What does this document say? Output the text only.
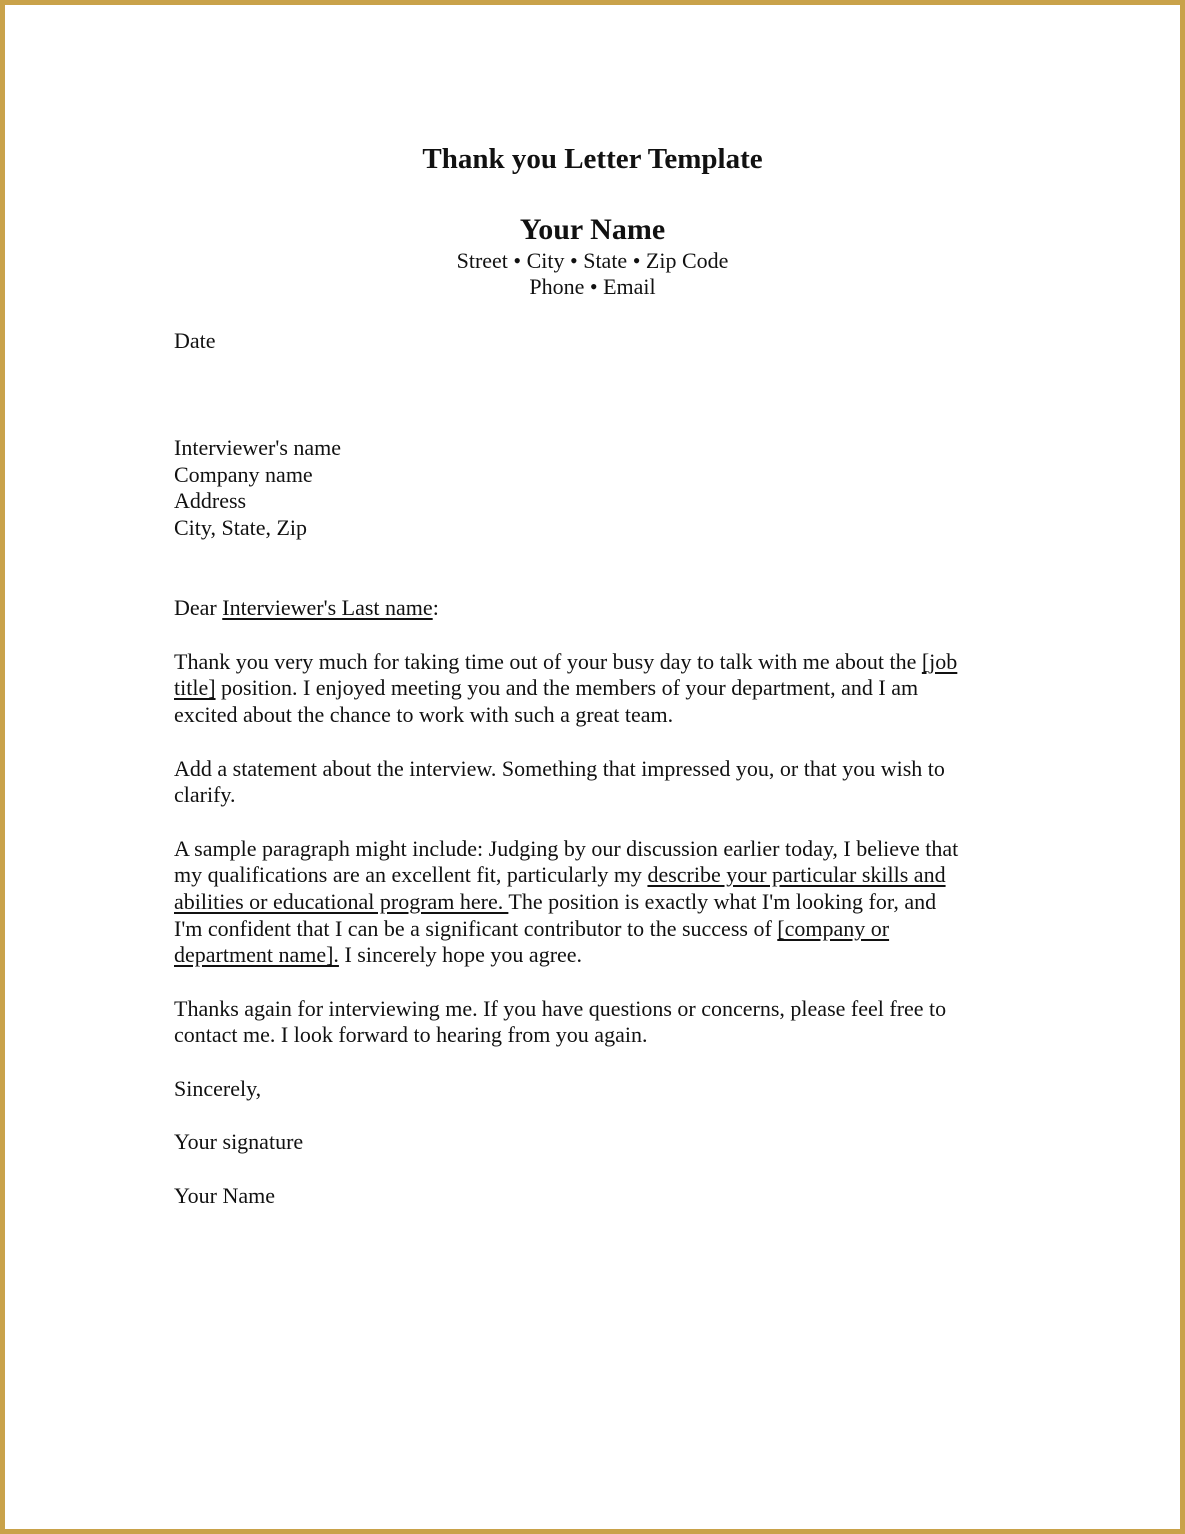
Thank you Letter Template
Your Name
Street • City • State • Zip Code
Phone • Email
Date
Interviewer's name
Company name
Address
City, State, Zip
Dear Interviewer's Last name:
Thank you very much for taking time out of your busy day to talk with me about the [job
title] position. I enjoyed meeting you and the members of your department, and I am
excited about the chance to work with such a great team.
Add a statement about the interview. Something that impressed you, or that you wish to
clarify.
A sample paragraph might include: Judging by our discussion earlier today, I believe that
my qualifications are an excellent fit, particularly my describe your particular skills and
abilities or educational program here. The position is exactly what I'm looking for, and
I'm confident that I can be a significant contributor to the success of [company or
department name]. I sincerely hope you agree.
Thanks again for interviewing me. If you have questions or concerns, please feel free to
contact me. I look forward to hearing from you again.
Sincerely,
Your signature
Your Name
